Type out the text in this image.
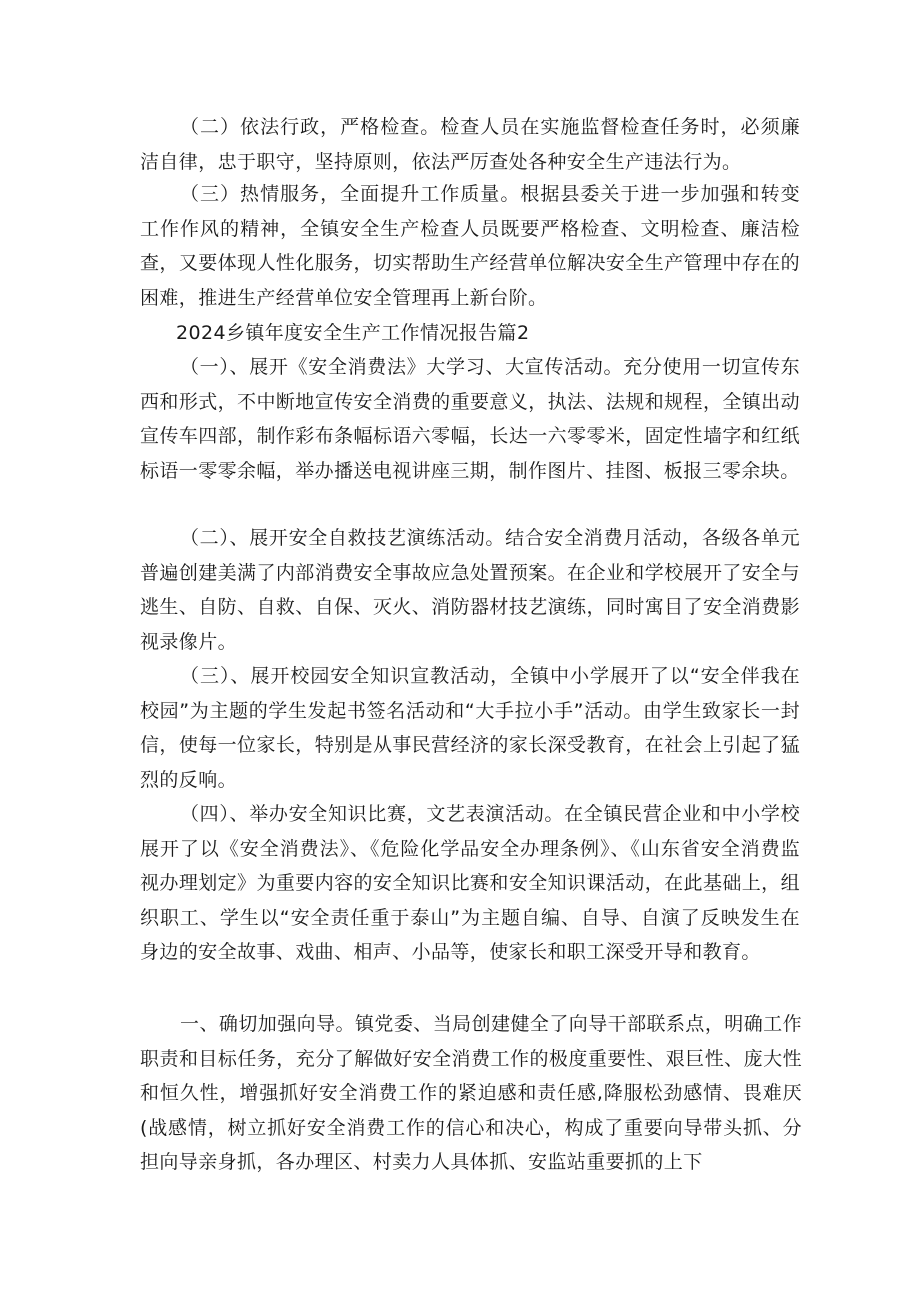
（二）依法行政，严格检查。检查人员在实施监督检查任务时，必须廉洁自律，忠于职守，坚持原则，依法严厉查处各种安全生产违法行为。

（三）热情服务，全面提升工作质量。根据县委关于进一步加强和转变工作作风的精神，全镇安全生产检查人员既要严格检查、文明检查、廉洁检查，又要体现人性化服务，切实帮助生产经营单位解决安全生产管理中存在的困难，推进生产经营单位安全管理再上新台阶。

2024乡镇年度安全生产工作情况报告篇2

（一）、展开《安全消费法》大学习、大宣传活动。充分使用一切宣传东西和形式，不中断地宣传安全消费的重要意义，执法、法规和规程，全镇出动宣传车四部，制作彩布条幅标语六零幅，长达一六零零米，固定性墙字和红纸标语一零零余幅，举办播送电视讲座三期，制作图片、挂图、板报三零余块。

（二）、展开安全自救技艺演练活动。结合安全消费月活动，各级各单元普遍创建美满了内部消费安全事故应急处置预案。在企业和学校展开了安全与逃生、自防、自救、自保、灭火、消防器材技艺演练，同时寓目了安全消费影视录像片。

（三）、展开校园安全知识宣教活动，全镇中小学展开了以“安全伴我在校园”为主题的学生发起书签名活动和“大手拉小手”活动。由学生致家长一封信，使每一位家长，特别是从事民营经济的家长深受教育，在社会上引起了猛烈的反响。

（四）、举办安全知识比赛，文艺表演活动。在全镇民营企业和中小学校展开了以《安全消费法》、《危险化学品安全办理条例》、《山东省安全消费监视办理划定》为重要内容的安全知识比赛和安全知识课活动，在此基础上，组织职工、学生以“安全责任重于泰山”为主题自编、自导、自演了反映发生在身边的安全故事、戏曲、相声、小品等，使家长和职工深受开导和教育。

一、确切加强向导。镇党委、当局创建健全了向导干部联系点，明确工作职责和目标任务，充分了解做好安全消费工作的极度重要性、艰巨性、庞大性和恒久性，增强抓好安全消费工作的紧迫感和责任感,降服松劲感情、畏难厌(战感情，树立抓好安全消费工作的信心和决心，构成了重要向导带头抓、分担向导亲身抓，各办理区、村卖力人具体抓、安监站重要抓的上下
